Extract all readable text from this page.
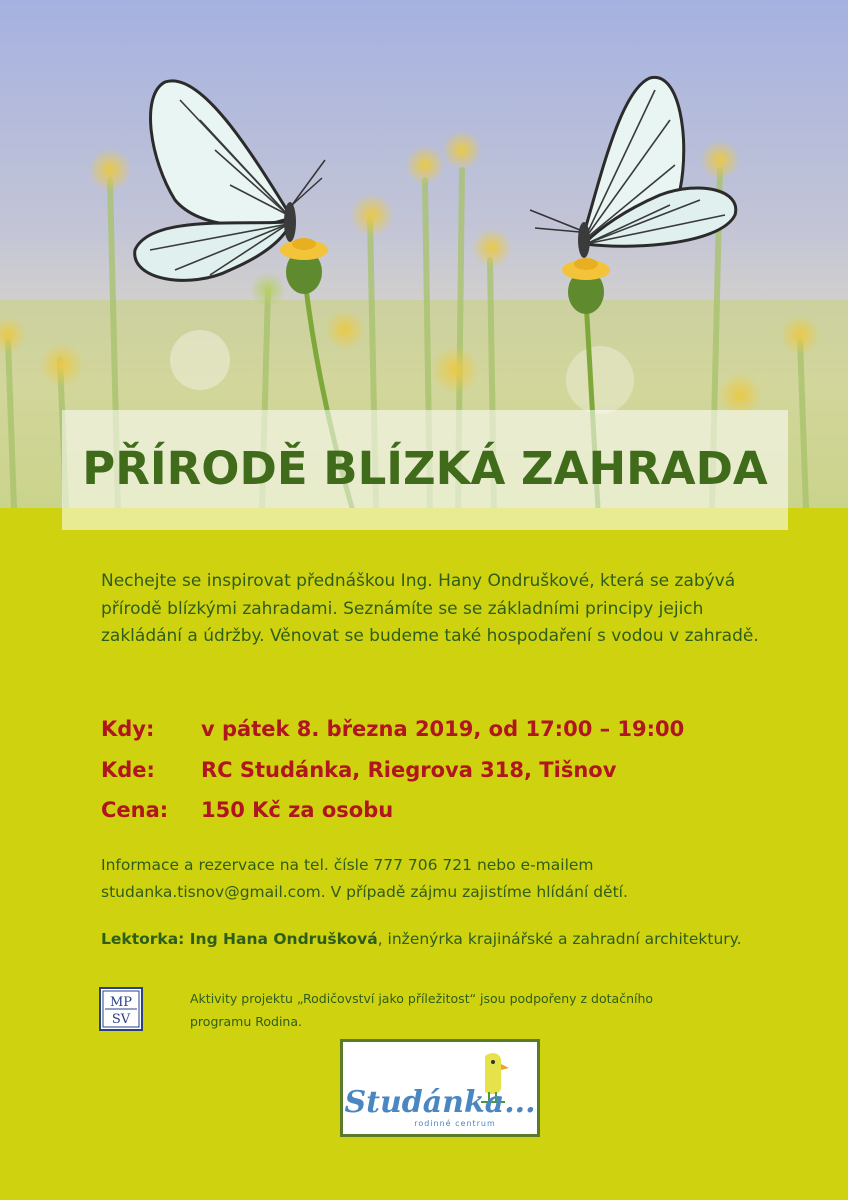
PŘÍRODĚ BLÍZKÁ ZAHRADA
Nechejte se inspirovat přednáškou Ing. Hany Ondruškové, která se zabývá přírodě blízkými zahradami. Seznámíte se se základními principy jejich zakládání a údržby. Věnovat se budeme také hospodaření s vodou v zahradě.
Kdy: v pátek 8. března 2019, od 17:00 – 19:00
Kde: RC Studánka, Riegrova 318, Tišnov
Cena: 150 Kč za osobu
Informace a rezervace na tel. čísle 777 706 721 nebo e-mailem
studanka.tisnov@gmail.com. V případě zájmu zajistíme hlídání dětí.
Lektorka: Ing Hana Ondrušková, inženýrka krajinářské a zahradní architektury.
MP
SV
Aktivity projektu „Rodičovství jako příležitost“ jsou podpořeny z dotačního
programu Rodina.
Studánka...
rodinné centrum
